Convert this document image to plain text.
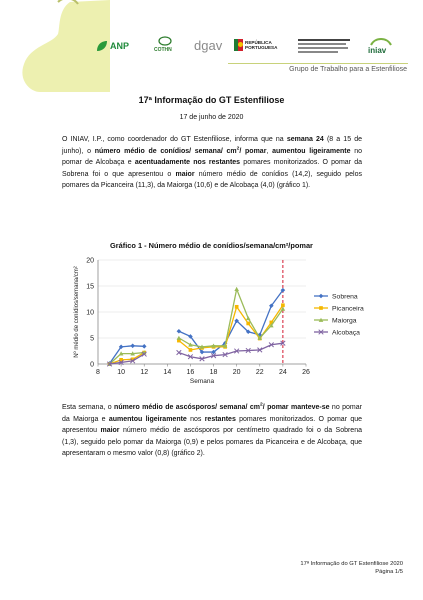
ANP	COTHN dgav	REPÚBLICA PORTUGUESA	iniav
Grupo de Trabalho para a Estenfiliose
17ª Informação do GT Estenfiliose
17 de junho de 2020
O INIAV, I.P., como coordenador do GT Estenfiliose, informa que na semana 24 (8 a 15 de junho), o número médio de conídios/ semana/ $cm^2/$ pomar, aumentou ligeiramente no pomar de Alcobaça e acentuadamente nos restantes pomares monitorizados. O pomar da Sobrena foi o que apresentou o maior número médio de conídios (14,2), seguido pelos pomares da Picanceira (11,3), da Maiorga (10,6) e de Alcobaça (4,0) (gráfico 1).
Gráfico 1 - Número médio de conídios/semana/cm²/pomar
0
5
10
15
20
8 10 12 14 16 18 20 22 24 26
Semana
Nº médio de conídios/semana/cm²	Sobrena
Picanceira
Maiorga
Alcobaça
Esta semana, o número médio de ascósporos/ semana/ $cm^2/$ pomar manteve-se no pomar da Maiorga e aumentou ligeiramente nos restantes pomares monitorizados. O pomar que apresentou maior número médio de ascósporos por centímetro quadrado foi o da Sobrena (1,3), seguido pelo pomar da Maiorga (0,9) e pelos pomares da Picanceira e de Alcobaça, que apresentaram o mesmo valor (0,8) (gráfico 2).
17ª Informação do GT Estenfiliose 2020
Página 1/5
